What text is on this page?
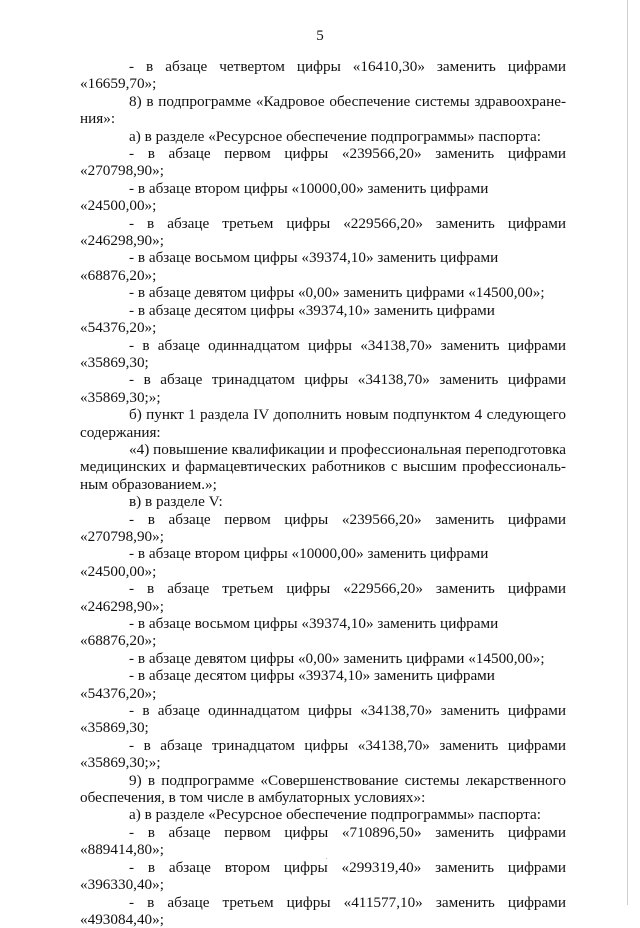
5

- в абзаце четвертом цифры «16410,30» заменить цифрами «16659,70»;

8) в подпрограмме «Кадровое обеспечение системы здравоохране-ния»:

а) в разделе «Ресурсное обеспечение подпрограммы» паспорта:

- в абзаце первом цифры «239566,20» заменить цифрами «270798,90»;

- в абзаце втором цифры «10000,00» заменить цифрами «24500,00»;

- в абзаце третьем цифры «229566,20» заменить цифрами «246298,90»;

- в абзаце восьмом цифры «39374,10» заменить цифрами «68876,20»;

- в абзаце девятом цифры «0,00» заменить цифрами «14500,00»;

- в абзаце десятом цифры «39374,10» заменить цифрами «54376,20»;

- в абзаце одиннадцатом цифры «34138,70» заменить цифрами «35869,30;

- в абзаце тринадцатом цифры «34138,70» заменить цифрами «35869,30;»;

б) пункт 1 раздела IV дополнить новым подпунктом 4 следующего содержания:

«4) повышение квалификации и профессиональная переподготовка медицинских и фармацевтических работников с высшим профессиональ-ным образованием.»;

в) в разделе V:

- в абзаце первом цифры «239566,20» заменить цифрами «270798,90»;

- в абзаце втором цифры «10000,00» заменить цифрами «24500,00»;

- в абзаце третьем цифры «229566,20» заменить цифрами «246298,90»;

- в абзаце восьмом цифры «39374,10» заменить цифрами «68876,20»;

- в абзаце девятом цифры «0,00» заменить цифрами «14500,00»;

- в абзаце десятом цифры «39374,10» заменить цифрами «54376,20»;

- в абзаце одиннадцатом цифры «34138,70» заменить цифрами «35869,30;

- в абзаце тринадцатом цифры «34138,70» заменить цифрами «35869,30;»;

9) в подпрограмме «Совершенствование системы лекарственного обеспечения, в том числе в амбулаторных условиях»:

а) в разделе «Ресурсное обеспечение подпрограммы» паспорта:

- в абзаце первом цифры «710896,50» заменить цифрами «889414,80»;

- в абзаце втором цифры «299319,40» заменить цифрами «396330,40»;

- в абзаце третьем цифры «411577,10» заменить цифрами «493084,40»;
